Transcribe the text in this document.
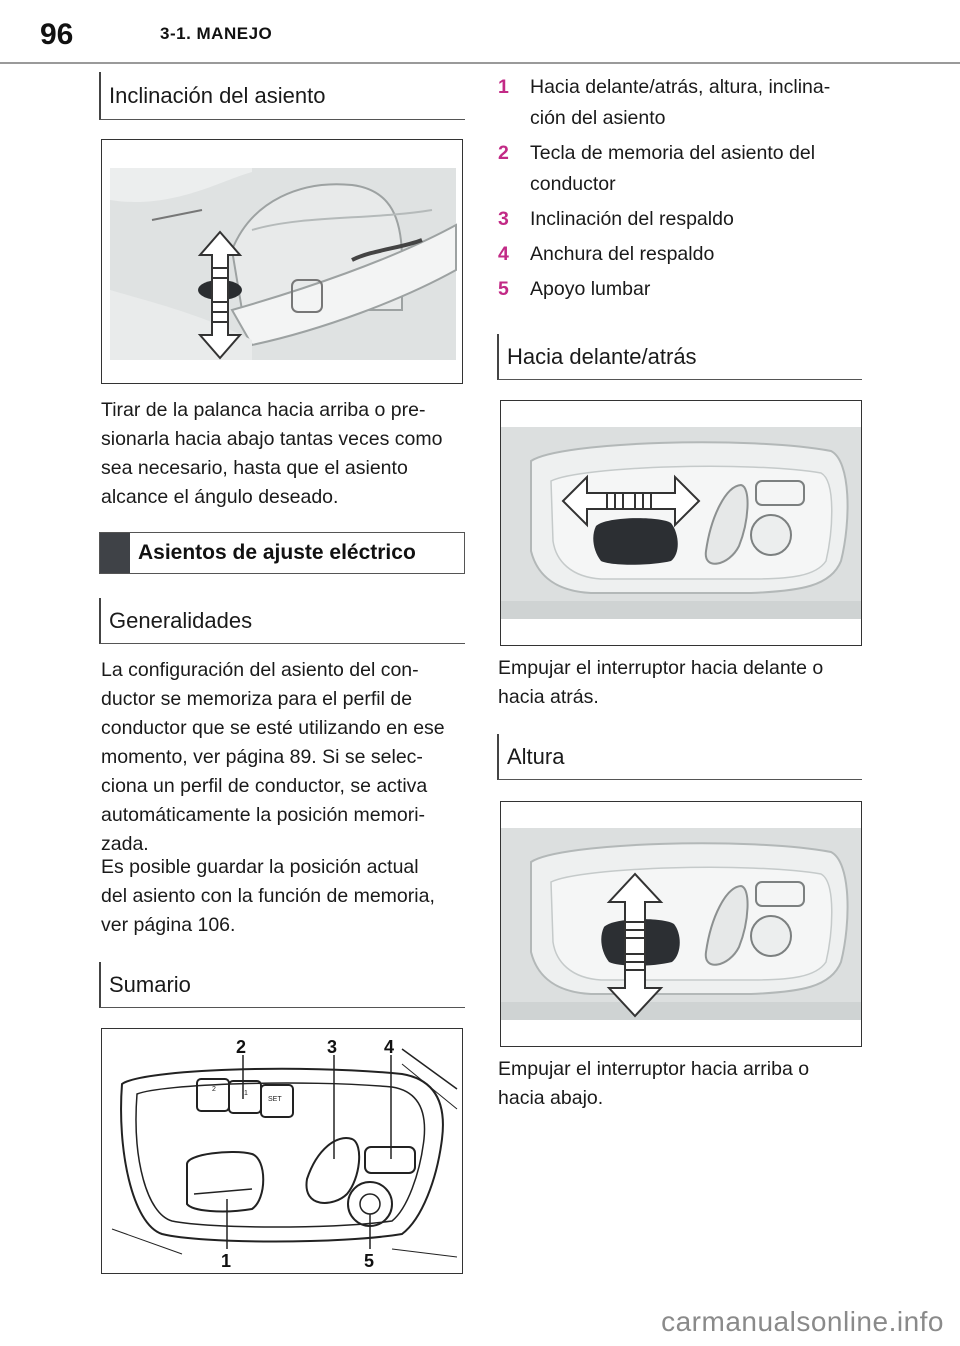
96	3-1. MANEJO
Inclinación del asiento
Tirar de la palanca hacia arriba o pre-
sionarla hacia abajo tantas veces como
sea necesario, hasta que el asiento
alcance el ángulo deseado.
Asientos de ajuste eléctrico
Generalidades
La configuración del asiento del con-
ductor se memoriza para el perfil de
conductor que se esté utilizando en ese
momento, ver página 89. Si se selec-
ciona un perfil de conductor, se activa
automáticamente la posición memori-
zada.
Es posible guardar la posición actual
del asiento con la función de memoria,
ver página 106.
Sumario
2
1
SET
2	3	4
1	5
1	Hacia delante/atrás, altura, inclina-
ción del asiento
2	Tecla de memoria del asiento del
conductor
3	Inclinación del respaldo
4	Anchura del respaldo
5	Apoyo lumbar
Hacia delante/atrás
Empujar el interruptor hacia delante o
hacia atrás.
Altura
Empujar el interruptor hacia arriba o
hacia abajo.
carmanualsonline.info
